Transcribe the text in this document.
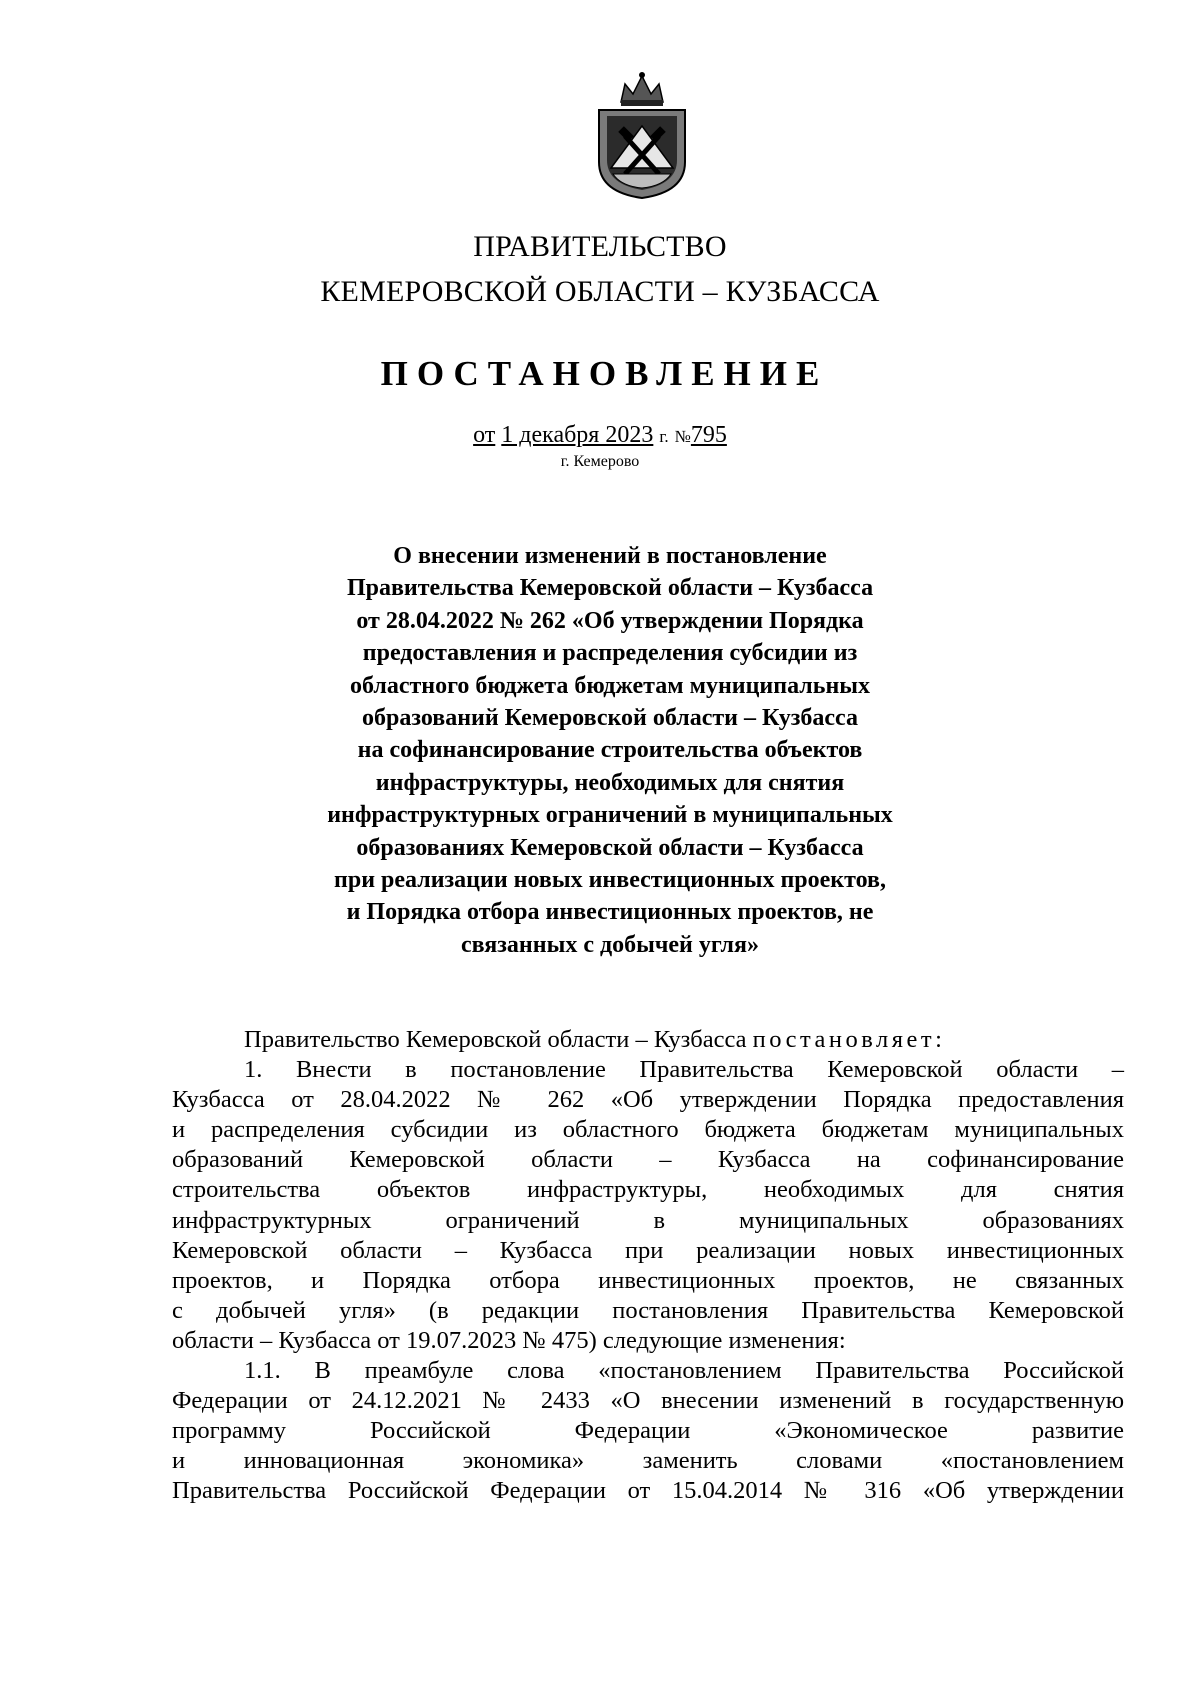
ПРАВИТЕЛЬСТВО
КЕМЕРОВСКОЙ ОБЛАСТИ – КУЗБАССА
ПОСТАНОВЛЕНИЕ
от 1 декабря 2023 г. №795
г. Кемерово
О внесении изменений в постановление
Правительства Кемеровской области – Кузбасса
от 28.04.2022 № 262 «Об утверждении Порядка
предоставления и распределения субсидии из
областного бюджета бюджетам муниципальных
образований Кемеровской области – Кузбасса
на софинансирование строительства объектов
инфраструктуры, необходимых для снятия
инфраструктурных ограничений в муниципальных
образованиях Кемеровской области – Кузбасса
при реализации новых инвестиционных проектов,
и Порядка отбора инвестиционных проектов, не
связанных с добычей угля»
Правительство Кемеровской области – Кузбасса постановляет:
1. Внести в постановление Правительства Кемеровской области –
Кузбасса от 28.04.2022 № 262 «Об утверждении Порядка предоставления
и распределения субсидии из областного бюджета бюджетам муниципальных
образований Кемеровской области – Кузбасса на софинансирование
строительства объектов инфраструктуры, необходимых для снятия
инфраструктурных ограничений в муниципальных образованиях
Кемеровской области – Кузбасса при реализации новых инвестиционных
проектов, и Порядка отбора инвестиционных проектов, не связанных
с добычей угля» (в редакции постановления Правительства Кемеровской
области – Кузбасса от 19.07.2023 № 475) следующие изменения:
1.1. В преамбуле слова «постановлением Правительства Российской
Федерации от 24.12.2021 № 2433 «О внесении изменений в государственную
программу Российской Федерации «Экономическое развитие
и инновационная экономика» заменить словами «постановлением
Правительства Российской Федерации от 15.04.2014 № 316 «Об утверждении
